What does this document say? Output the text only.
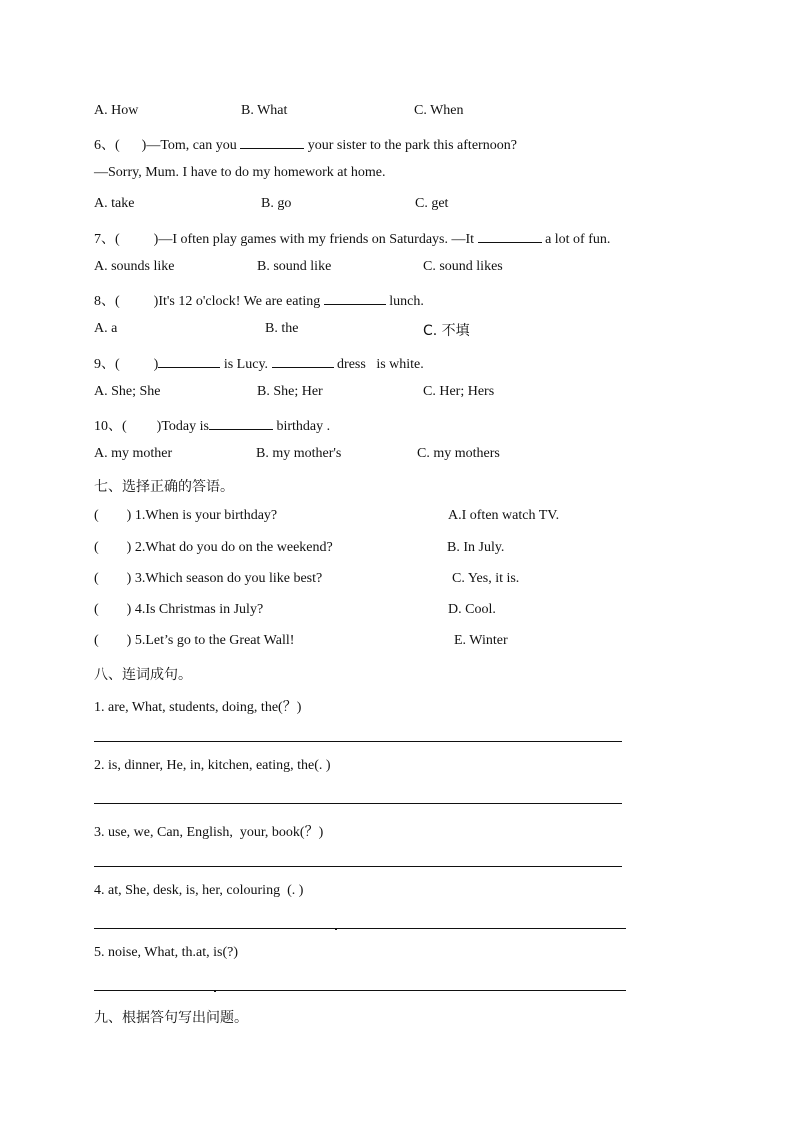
A. How	B. What	C. When
6、( )—Tom, can you	your sister to the park this afternoon?
—Sorry, Mum. I have to do my homework at home.
A. take	B. go	C. get
7、( )—I often play games with my friends on Saturdays. —It	a lot of fun.
A. sounds like	B. sound like	C. sound likes
8、( )It's 12 o'clock! We are eating	lunch.
A. a	B. the	C. 不填
9、( )	is Lucy.	dress   is white.
A. She; She	B. She; Her	C. Her; Hers
10、( )Today is	birthday .
A. my mother	B. my mother's	C. my mothers
七、选择正确的答语。
(        ) 1.When is your birthday?	A.I often watch TV.
(        ) 2.What do you do on the weekend?	B. In July.
(        ) 3.Which season do you like best?	C. Yes, it is.
(        ) 4.Is Christmas in July?	D. Cool.
(        ) 5.Let’s go to the Great Wall!	E. Winter
八、连词成句。
1. are, What, students, doing, the(？)
2. is, dinner, He, in, kitchen, eating, the(. )
3. use, we, Can, English,  your, book(？)
4. at, She, desk, is, her, colouring  (. )
5. noise, What, th.at, is(?)
九、根据答句写出问题。
